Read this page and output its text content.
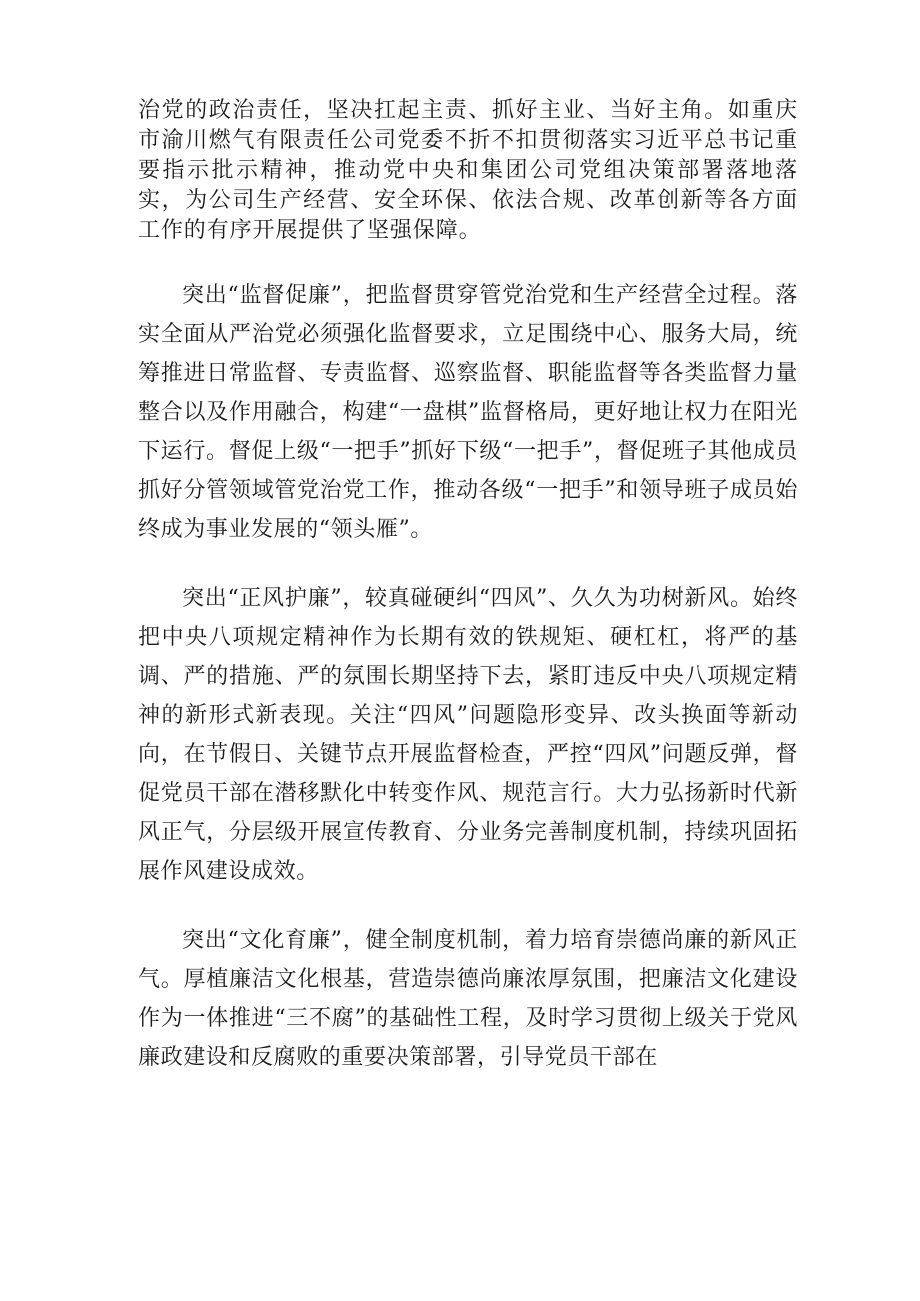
治党的政治责任，坚决扛起主责、抓好主业、当好主角。如重庆市渝川燃气有限责任公司党委不折不扣贯彻落实习近平总书记重要指示批示精神，推动党中央和集团公司党组决策部署落地落实，为公司生产经营、安全环保、依法合规、改革创新等各方面工作的有序开展提供了坚强保障。

突出“监督促廉”，把监督贯穿管党治党和生产经营全过程。落实全面从严治党必须强化监督要求，立足围绕中心、服务大局，统筹推进日常监督、专责监督、巡察监督、职能监督等各类监督力量整合以及作用融合，构建“一盘棋”监督格局，更好地让权力在阳光下运行。督促上级“一把手”抓好下级“一把手”，督促班子其他成员抓好分管领域管党治党工作，推动各级“一把手”和领导班子成员始终成为事业发展的“领头雁”。

突出“正风护廉”，较真碰硬纠“四风”、久久为功树新风。始终把中央八项规定精神作为长期有效的铁规矩、硬杠杠，将严的基调、严的措施、严的氛围长期坚持下去，紧盯违反中央八项规定精神的新形式新表现。关注“四风”问题隐形变异、改头换面等新动向，在节假日、关键节点开展监督检查，严控“四风”问题反弹，督促党员干部在潜移默化中转变作风、规范言行。大力弘扬新时代新风正气，分层级开展宣传教育、分业务完善制度机制，持续巩固拓展作风建设成效。

突出“文化育廉”，健全制度机制，着力培育崇德尚廉的新风正气。厚植廉洁文化根基，营造崇德尚廉浓厚氛围，把廉洁文化建设作为一体推进“三不腐”的基础性工程，及时学习贯彻上级关于党风廉政建设和反腐败的重要决策部署，引导党员干部在
